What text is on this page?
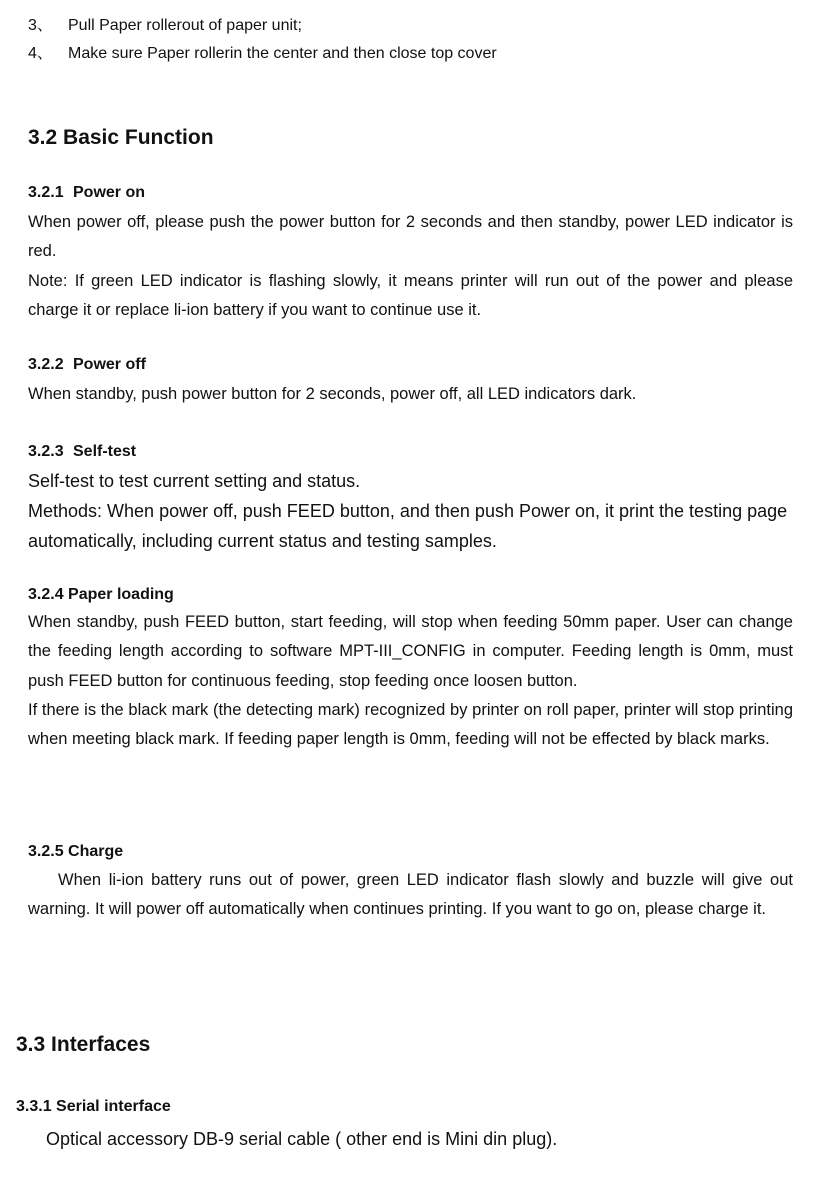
3、 Pull Paper rollerout of paper unit;
4、 Make sure Paper rollerin the center and then close top cover
3.2 Basic Function
3.2.1 Power on
When power off, please push the power button for 2 seconds and then standby, power LED indicator is red.
Note: If green LED indicator is flashing slowly, it means printer will run out of the power and please charge it or replace li-ion battery if you want to continue use it.
3.2.2 Power off
When standby, push power button for 2 seconds, power off, all LED indicators dark.
3.2.3 Self-test
Self-test to test current setting and status.
Methods: When power off, push FEED button, and then push Power on, it print the testing page automatically, including current status and testing samples.
3.2.4 Paper loading
When standby, push FEED button, start feeding, will stop when feeding 50mm paper. User can change the feeding length according to software MPT-III_CONFIG in computer. Feeding length is 0mm, must push FEED button for continuous feeding, stop feeding once loosen button.
If there is the black mark (the detecting mark) recognized by printer on roll paper, printer will stop printing when meeting black mark. If feeding paper length is 0mm, feeding will not be effected by black marks.
3.2.5 Charge
When li-ion battery runs out of power, green LED indicator flash slowly and buzzle will give out warning. It will power off automatically when continues printing. If you want to go on, please charge it.
3.3 Interfaces
3.3.1 Serial interface
Optical accessory DB-9 serial cable ( other end is Mini din plug).
